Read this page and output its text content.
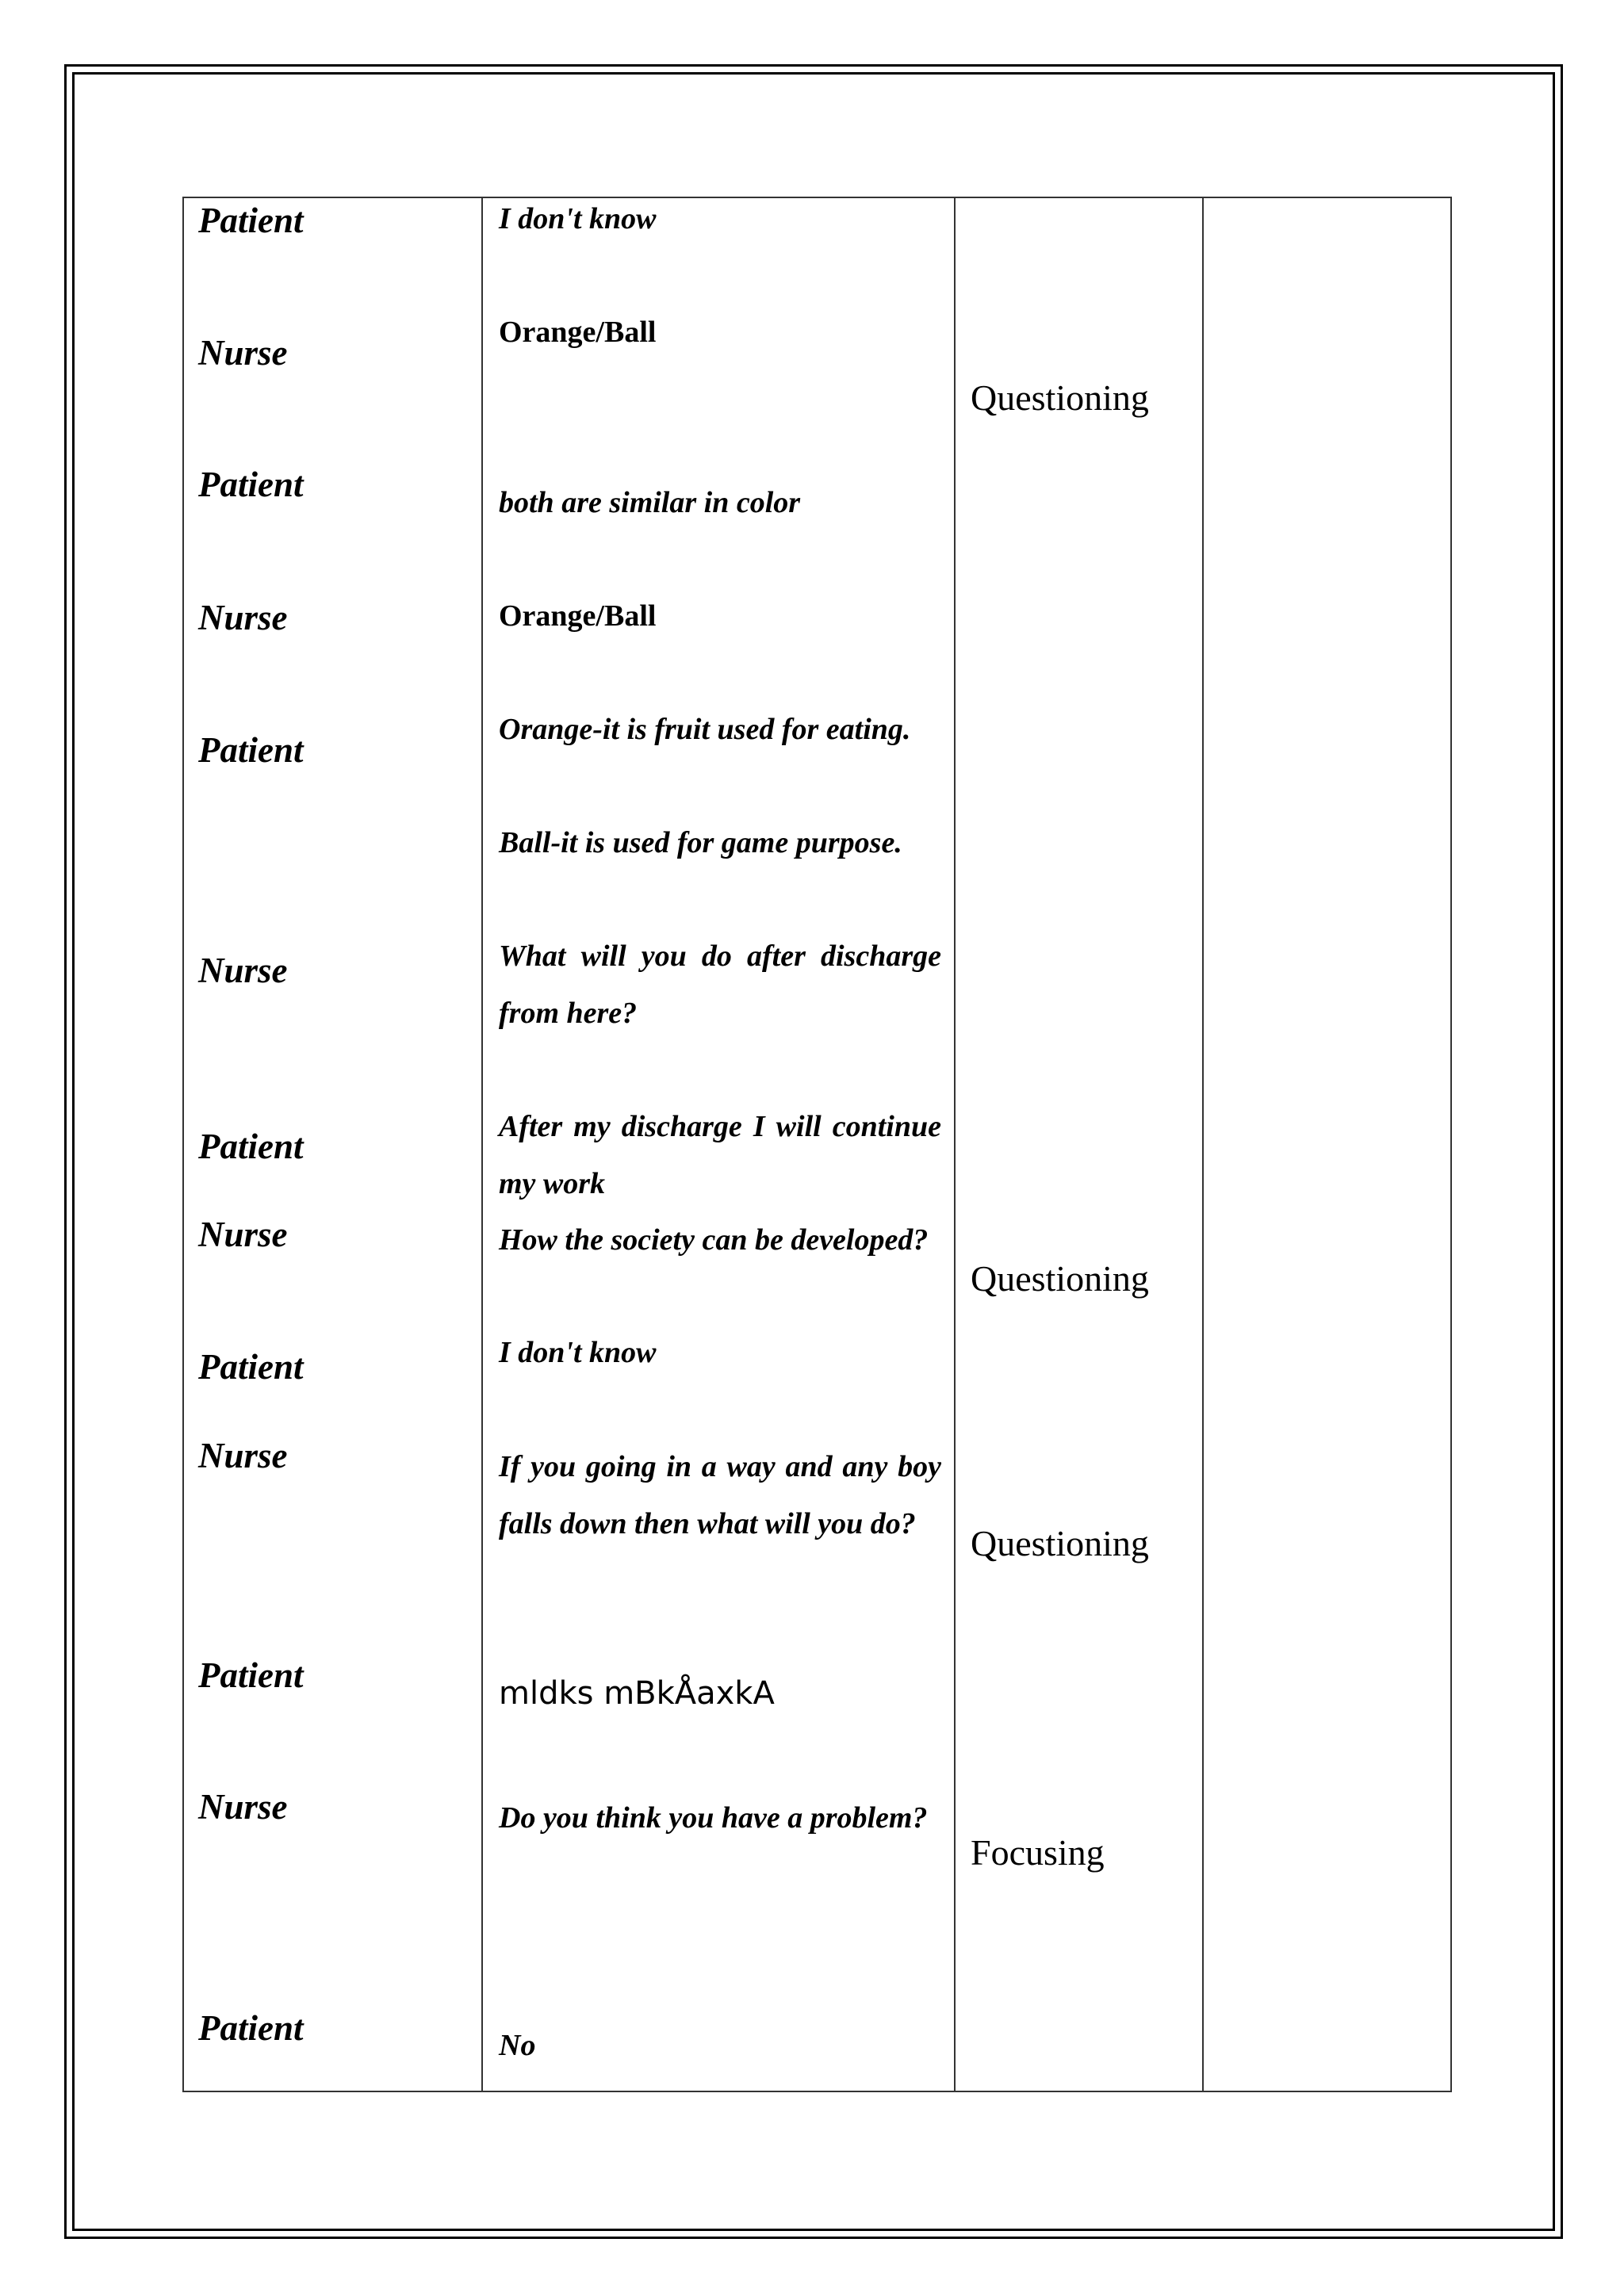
Patient
Nurse
Patient
Nurse
Patient
Nurse
Patient
Nurse
Patient
Nurse
Patient
Nurse
Patient
I don't know
Orange/Ball
both are similar in color
Orange/Ball
Orange-it is fruit used for eating.
Ball-it is used for game purpose.
What will you do after discharge from here?
After my discharge I will continue my work
How the society can be developed?
I don't know
If you going in a way and any boy falls down then what will you do?
mldks mBkÅaxkA
Do you think you have a problem?
No
Questioning
Questioning
Questioning
Focusing
